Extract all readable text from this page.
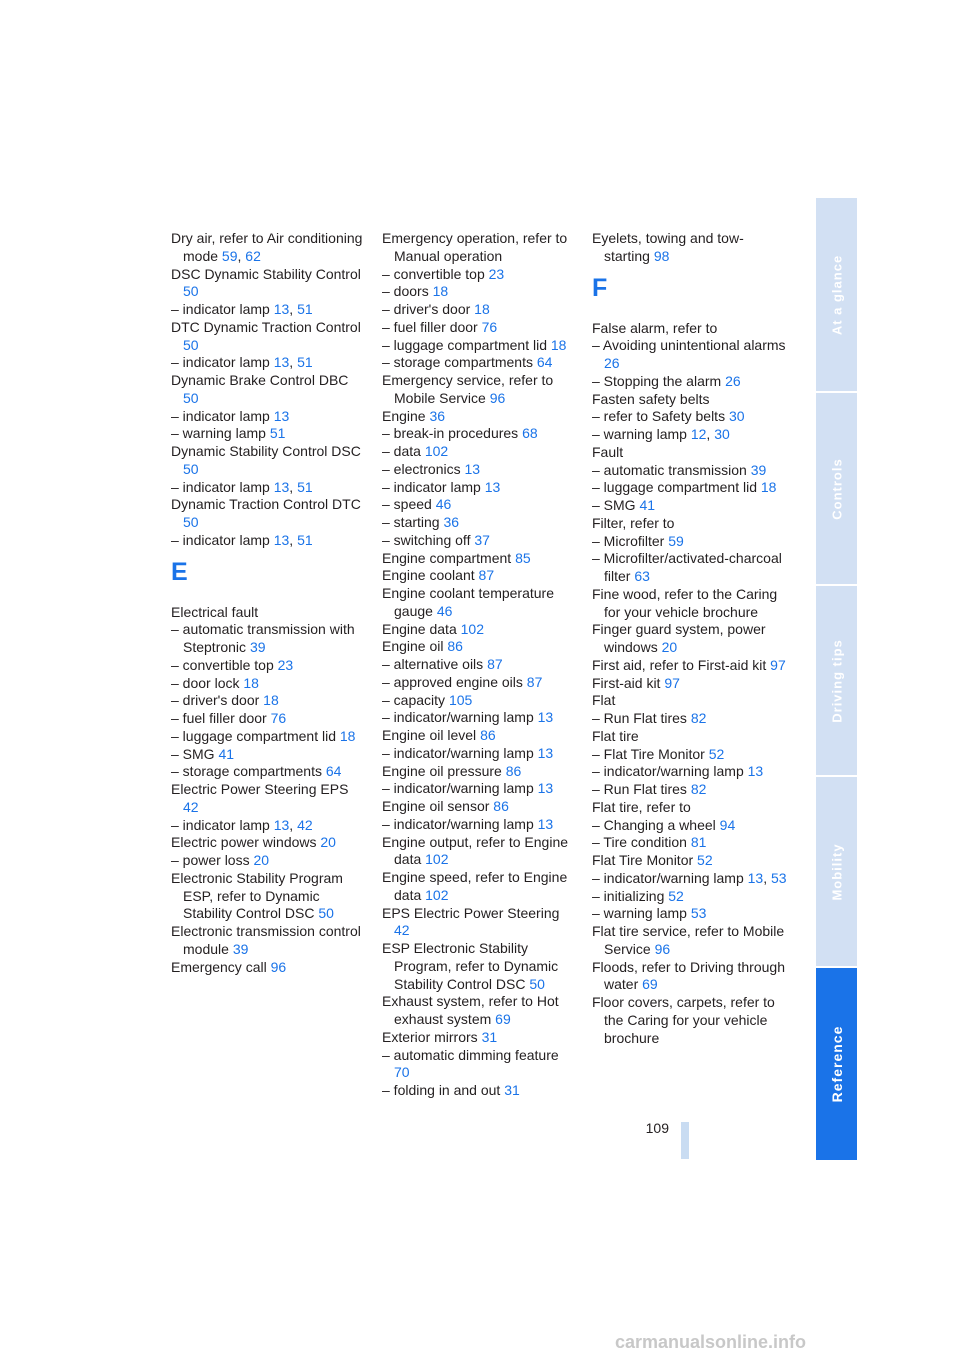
Dry air, refer to Air conditioning mode 59, 62
DSC Dynamic Stability Control 50
– indicator lamp 13, 51
DTC Dynamic Traction Control 50
– indicator lamp 13, 51
Dynamic Brake Control DBC 50
– indicator lamp 13
– warning lamp 51
Dynamic Stability Control DSC 50
– indicator lamp 13, 51
Dynamic Traction Control DTC 50
– indicator lamp 13, 51
E
Electrical fault
– automatic transmission with Steptronic 39
– convertible top 23
– door lock 18
– driver's door 18
– fuel filler door 76
– luggage compartment lid 18
– SMG 41
– storage compartments 64
Electric Power Steering EPS 42
– indicator lamp 13, 42
Electric power windows 20
– power loss 20
Electronic Stability Program ESP, refer to Dynamic Stability Control DSC 50
Electronic transmission control module 39
Emergency call 96
Emergency operation, refer to Manual operation
– convertible top 23
– doors 18
– driver's door 18
– fuel filler door 76
– luggage compartment lid 18
– storage compartments 64
Emergency service, refer to Mobile Service 96
Engine 36
– break-in procedures 68
– data 102
– electronics 13
– indicator lamp 13
– speed 46
– starting 36
– switching off 37
Engine compartment 85
Engine coolant 87
Engine coolant temperature gauge 46
Engine data 102
Engine oil 86
– alternative oils 87
– approved engine oils 87
– capacity 105
– indicator/warning lamp 13
Engine oil level 86
– indicator/warning lamp 13
Engine oil pressure 86
– indicator/warning lamp 13
Engine oil sensor 86
– indicator/warning lamp 13
Engine output, refer to Engine data 102
Engine speed, refer to Engine data 102
EPS Electric Power Steering 42
ESP Electronic Stability Program, refer to Dynamic Stability Control DSC 50
Exhaust system, refer to Hot exhaust system 69
Exterior mirrors 31
– automatic dimming feature 70
– folding in and out 31
Eyelets, towing and tow-starting 98
F
False alarm, refer to
– Avoiding unintentional alarms 26
– Stopping the alarm 26
Fasten safety belts
– refer to Safety belts 30
– warning lamp 12, 30
Fault
– automatic transmission 39
– luggage compartment lid 18
– SMG 41
Filter, refer to
– Microfilter 59
– Microfilter/activated-charcoal filter 63
Fine wood, refer to the Caring for your vehicle brochure
Finger guard system, power windows 20
First aid, refer to First-aid kit 97
First-aid kit 97
Flat
– Run Flat tires 82
Flat tire
– Flat Tire Monitor 52
– indicator/warning lamp 13
– Run Flat tires 82
Flat tire, refer to
– Changing a wheel 94
– Tire condition 81
Flat Tire Monitor 52
– indicator/warning lamp 13, 53
– initializing 52
– warning lamp 53
Flat tire service, refer to Mobile Service 96
Floods, refer to Driving through water 69
Floor covers, carpets, refer to the Caring for your vehicle brochure
109
At a glance
Controls
Driving tips
Mobility
Reference
carmanualsonline.info
